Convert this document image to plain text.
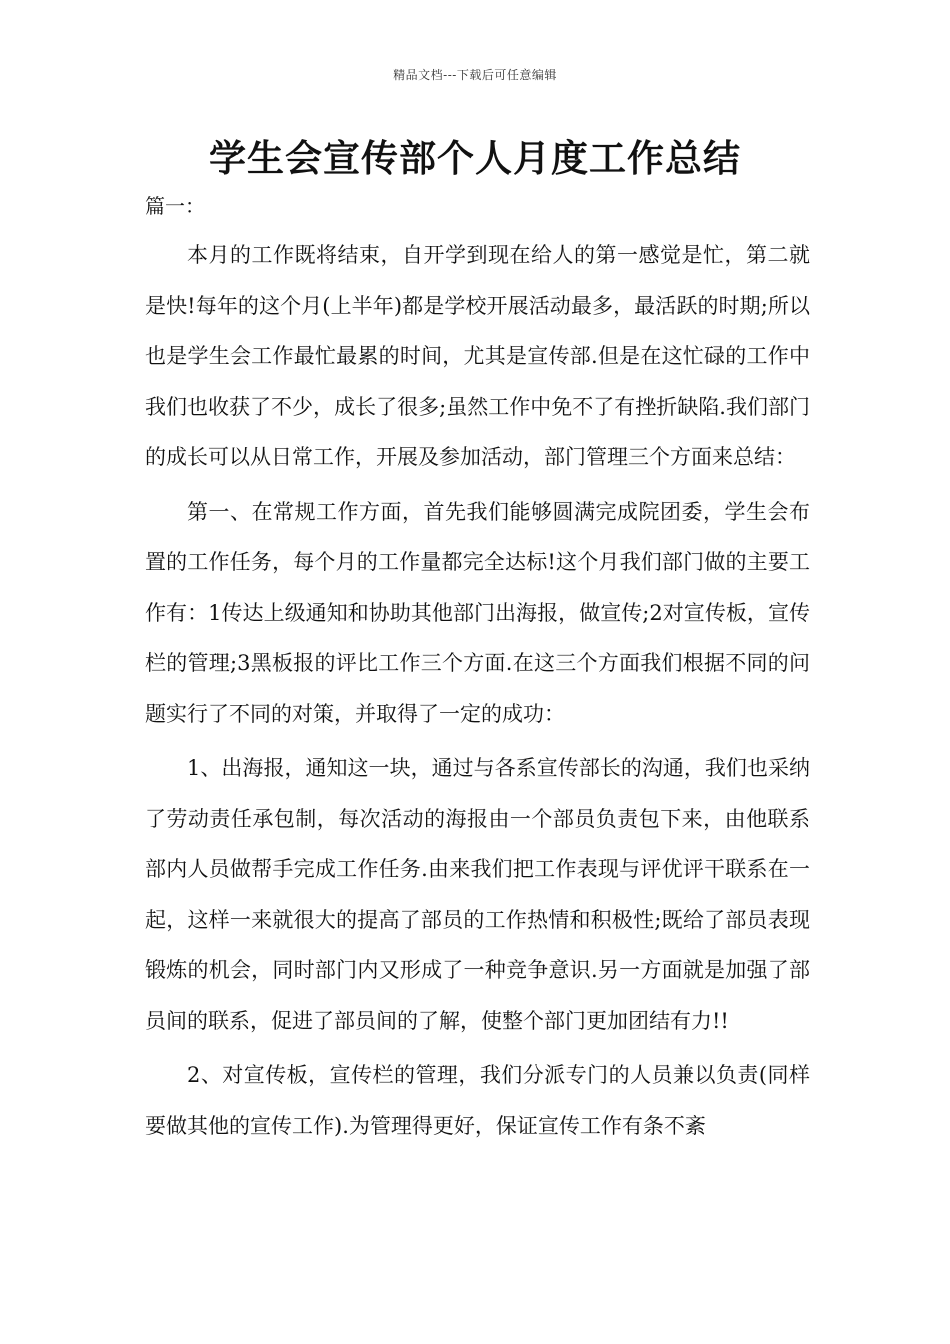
精品文档---下载后可任意编辑
学生会宣传部个人月度工作总结
篇一：

本月的工作既将结束，自开学到现在给人的第一感觉是忙，第二就是快!每年的这个月(上半年)都是学校开展活动最多，最活跃的时期;所以也是学生会工作最忙最累的时间，尤其是宣传部.但是在这忙碌的工作中我们也收获了不少，成长了很多;虽然工作中免不了有挫折缺陷.我们部门的成长可以从日常工作，开展及参加活动，部门管理三个方面来总结：

第一、在常规工作方面，首先我们能够圆满完成院团委，学生会布置的工作任务，每个月的工作量都完全达标!这个月我们部门做的主要工作有：1传达上级通知和协助其他部门出海报，做宣传;2对宣传板，宣传栏的管理;3黑板报的评比工作三个方面.在这三个方面我们根据不同的问题实行了不同的对策，并取得了一定的成功：

1、出海报，通知这一块，通过与各系宣传部长的沟通，我们也采纳了劳动责任承包制，每次活动的海报由一个部员负责包下来，由他联系部内人员做帮手完成工作任务.由来我们把工作表现与评优评干联系在一起，这样一来就很大的提高了部员的工作热情和积极性;既给了部员表现锻炼的机会，同时部门内又形成了一种竞争意识.另一方面就是加强了部员间的联系，促进了部员间的了解，使整个部门更加团结有力!!

2、对宣传板，宣传栏的管理，我们分派专门的人员兼以负责(同样要做其他的宣传工作).为管理得更好，保证宣传工作有条不紊
